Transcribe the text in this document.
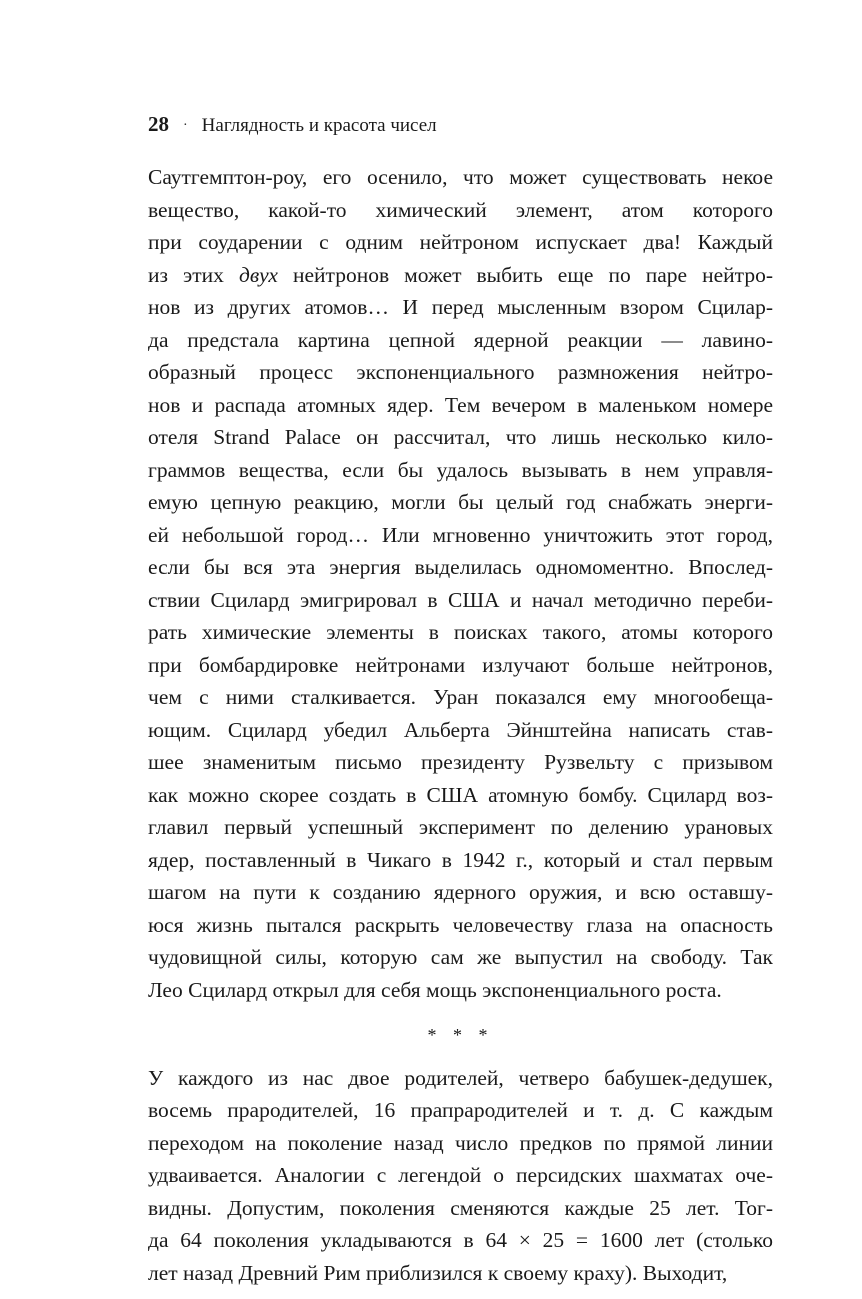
28 · Наглядность и красота чисел
Саутгемптон-роу, его осенило, что может существовать некое
вещество, какой-то химический элемент, атом которого
при соударении с одним нейтроном испускает два! Каждый
из этих двух нейтронов может выбить еще по паре нейтро-
нов из других атомов… И перед мысленным взором Сцилар-
да предстала картина цепной ядерной реакции — лавино-
образный процесс экспоненциального размножения нейтро-
нов и распада атомных ядер. Тем вечером в маленьком номере
отеля Strand Palace он рассчитал, что лишь несколько кило-
граммов вещества, если бы удалось вызывать в нем управля-
емую цепную реакцию, могли бы целый год снабжать энерги-
ей небольшой город… Или мгновенно уничтожить этот город,
если бы вся эта энергия выделилась одномоментно. Впослед-
ствии Сцилард эмигрировал в США и начал методично переби-
рать химические элементы в поисках такого, атомы которого
при бомбардировке нейтронами излучают больше нейтронов,
чем с ними сталкивается. Уран показался ему многообеща-
ющим. Сцилард убедил Альберта Эйнштейна написать став-
шее знаменитым письмо президенту Рузвельту с призывом
как можно скорее создать в США атомную бомбу. Сцилард воз-
главил первый успешный эксперимент по делению урановых
ядер, поставленный в Чикаго в 1942 г., который и стал первым
шагом на пути к созданию ядерного оружия, и всю оставшу-
юся жизнь пытался раскрыть человечеству глаза на опасность
чудовищной силы, которую сам же выпустил на свободу. Так
Лео Сцилард открыл для себя мощь экспоненциального роста.
* * *
У каждого из нас двое родителей, четверо бабушек-дедушек,
восемь прародителей, 16 прапрародителей и т. д. С каждым
переходом на поколение назад число предков по прямой линии
удваивается. Аналогии с легендой о персидских шахматах оче-
видны. Допустим, поколения сменяются каждые 25 лет. Тог-
да 64 поколения укладываются в 64 × 25 = 1600 лет (столько
лет назад Древний Рим приблизился к своему краху). Выходит,
